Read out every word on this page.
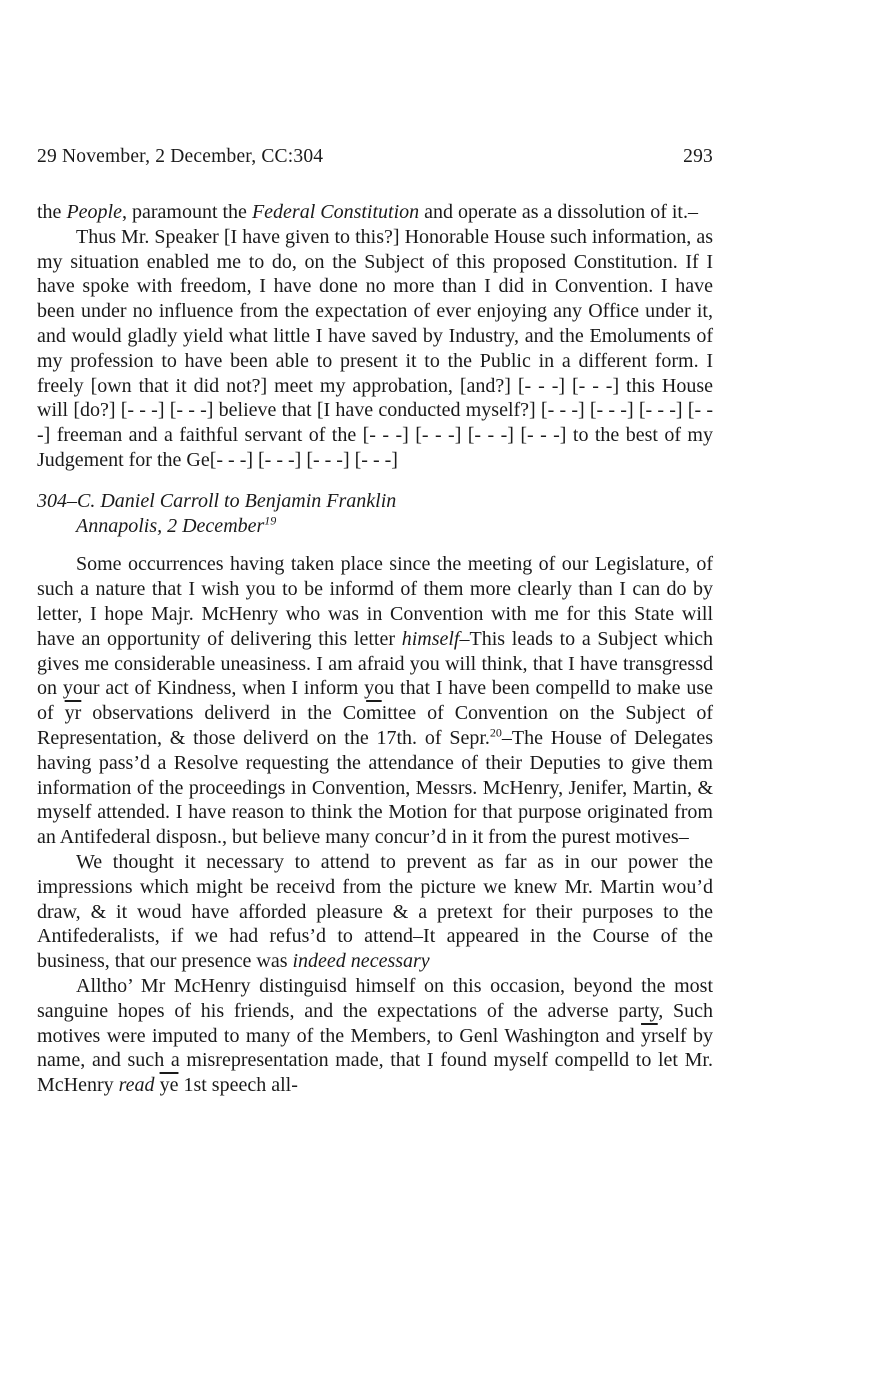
29 November, 2 December, CC:304	293

the People, paramount the Federal Constitution and operate as a dissolution of it.–

Thus Mr. Speaker [I have given to this?] Honorable House such information, as my situation enabled me to do, on the Subject of this proposed Constitution. If I have spoke with freedom, I have done no more than I did in Convention. I have been under no influence from the expectation of ever enjoying any Office under it, and would gladly yield what little I have saved by Industry, and the Emoluments of my profession to have been able to present it to the Public in a different form. I freely [own that it did not?] meet my approbation, [and?] [- - -] [- - -] this House will [do?] [- - -] [- - -] believe that [I have conducted myself?] [- - -] [- - -] [- - -] [- - -] freeman and a faithful servant of the [- - -] [- - -] [- - -] [- - -] to the best of my Judgement for the Ge[- - -] [- - -] [- - -] [- - -]

304–C. Daniel Carroll to Benjamin Franklin

Annapolis, 2 December$^{19}$

Some occurrences having taken place since the meeting of our Legislature, of such a nature that I wish you to be informd of them more clearly than I can do by letter, I hope Majr. McHenry who was in Convention with me for this State will have an opportunity of delivering this letter himself–This leads to a Subject which gives me considerable uneasiness. I am afraid you will think, that I have transgressd on your act of Kindness, when I inform you that I have been compelld to make use of $\overline{yr}$ observations deliverd in the $Co\overline{m}ittee$ of Convention on the Subject of Representation, & those deliverd on the 17th. of Sepr.$^{20}$–The House of Delegates having pass’d a Resolve requesting the attendance of their Deputies to give them information of the proceedings in Convention, Messrs. McHenry, Jenifer, Martin, & myself attended. I have reason to think the Motion for that purpose originated from an Antifederal disposn., but believe many concur’d in it from the purest motives–

We thought it necessary to attend to prevent as far as in our power the impressions which might be receivd from the picture we knew Mr. Martin wou’d draw, & it woud have afforded pleasure & a pretext for their purposes to the Antifederalists, if we had refus’d to attend–It appeared in the Course of the business, that our presence was indeed necessary

Alltho’ Mr McHenry distinguisd himself on this occasion, beyond the most sanguine hopes of his friends, and the expectations of the adverse party, Such motives were imputed to many of the Members, to Genl Washington and $\overline{yr}self$ by name, and such a misrepresentation made, that I found myself compelld to let Mr. McHenry read $\overline{ye}$ 1st speech all-
